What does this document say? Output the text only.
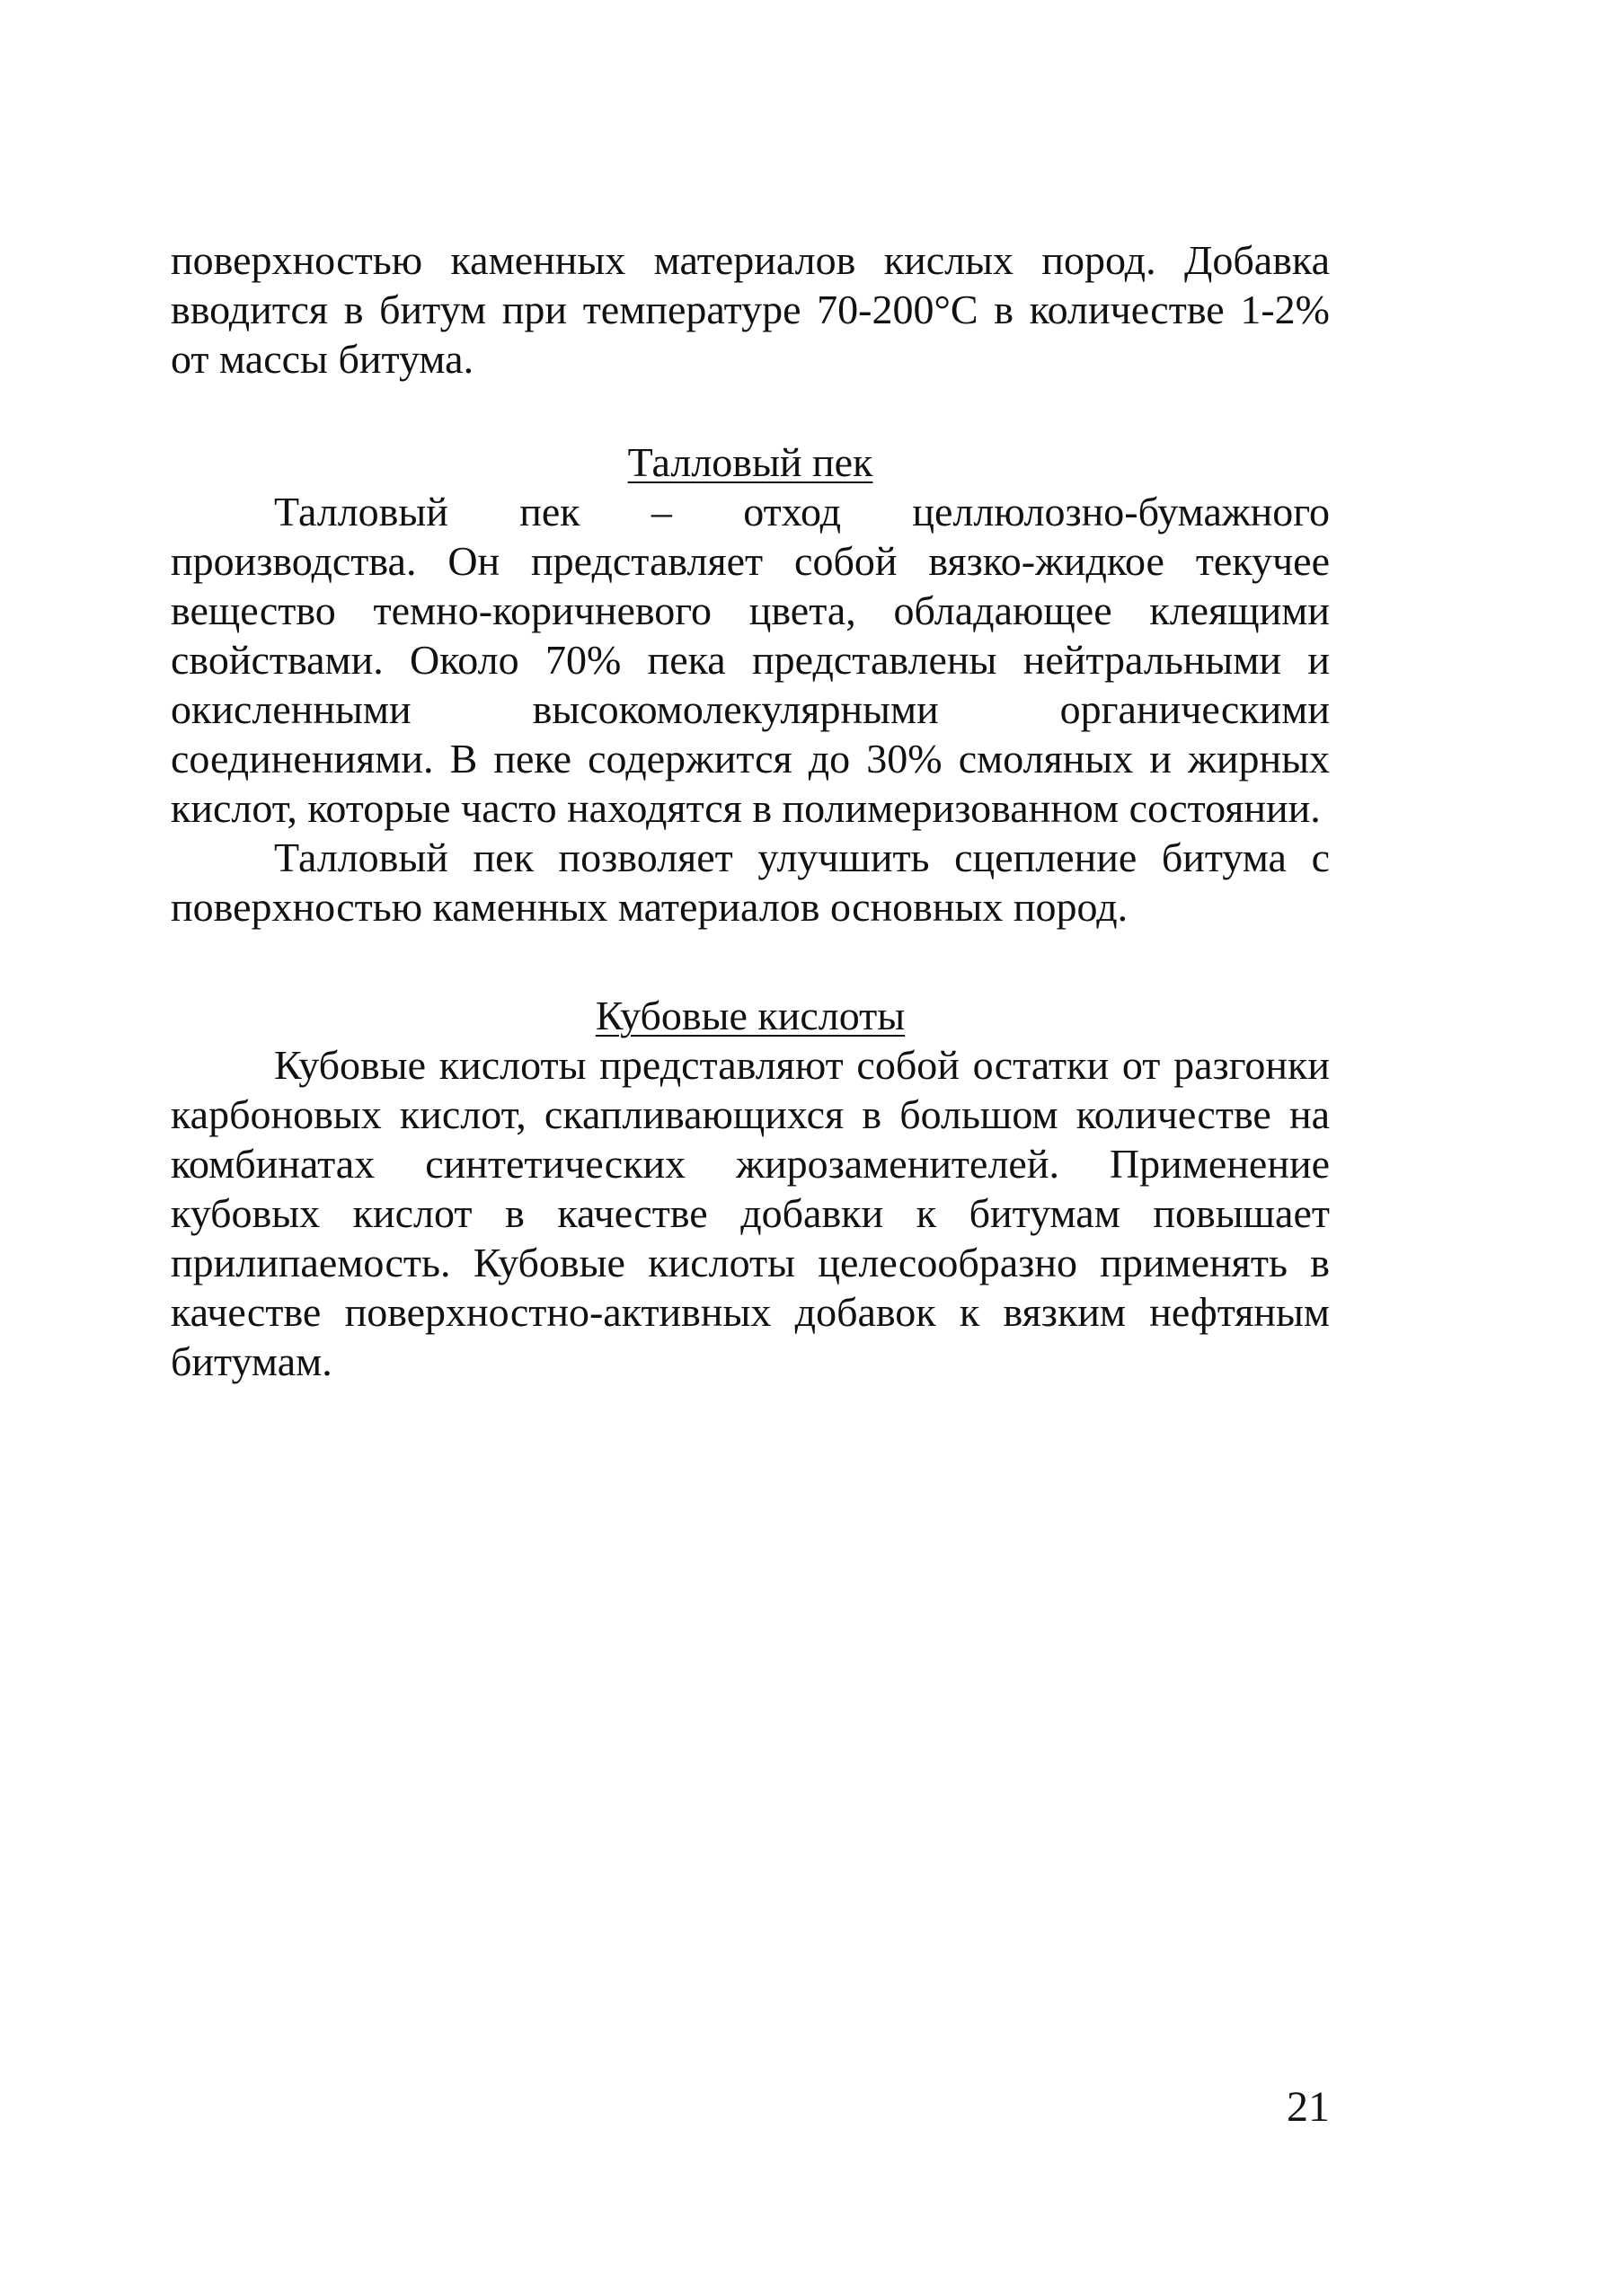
поверхностью каменных материалов кислых пород. Добавка вводится в битум при температуре 70-200°С в количестве 1-2% от массы битума.

Талловый пек

Талловый пек – отход целлюлозно-бумажного производства. Он представляет собой вязко-жидкое текучее вещество темно-коричневого цвета, обладающее клеящими свойствами. Около 70% пека представлены нейтральными и окисленными высокомолекулярными органическими соединениями. В пеке содержится до 30% смоляных и жирных кислот, которые часто находятся в полимеризованном состоянии.

Талловый пек позволяет улучшить сцепление битума с поверхностью каменных материалов основных пород.

Кубовые кислоты

Кубовые кислоты представляют собой остатки от разгонки карбоновых кислот, скапливающихся в большом количестве на комбинатах синтетических жирозаменителей. Применение кубовых кислот в качестве добавки к битумам повышает прилипаемость. Кубовые кислоты целесообразно применять в качестве поверхностно-активных добавок к вязким нефтяным битумам.

21
